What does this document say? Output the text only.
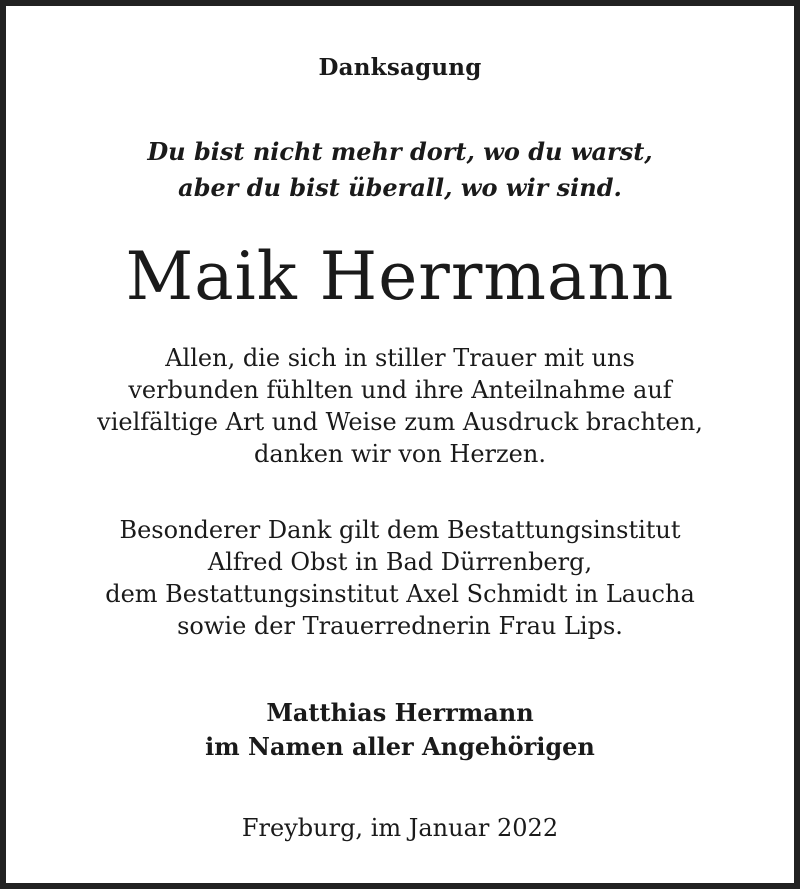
Danksagung
Du bist nicht mehr dort, wo du warst,
aber du bist überall, wo wir sind.
Maik Herrmann
Allen, die sich in stiller Trauer mit uns
verbunden fühlten und ihre Anteilnahme auf
vielfältige Art und Weise zum Ausdruck brachten,
danken wir von Herzen.
Besonderer Dank gilt dem Bestattungsinstitut
Alfred Obst in Bad Dürrenberg,
dem Bestattungsinstitut Axel Schmidt in Laucha
sowie der Trauerrednerin Frau Lips.
Matthias Herrmann
im Namen aller Angehörigen
Freyburg, im Januar 2022
